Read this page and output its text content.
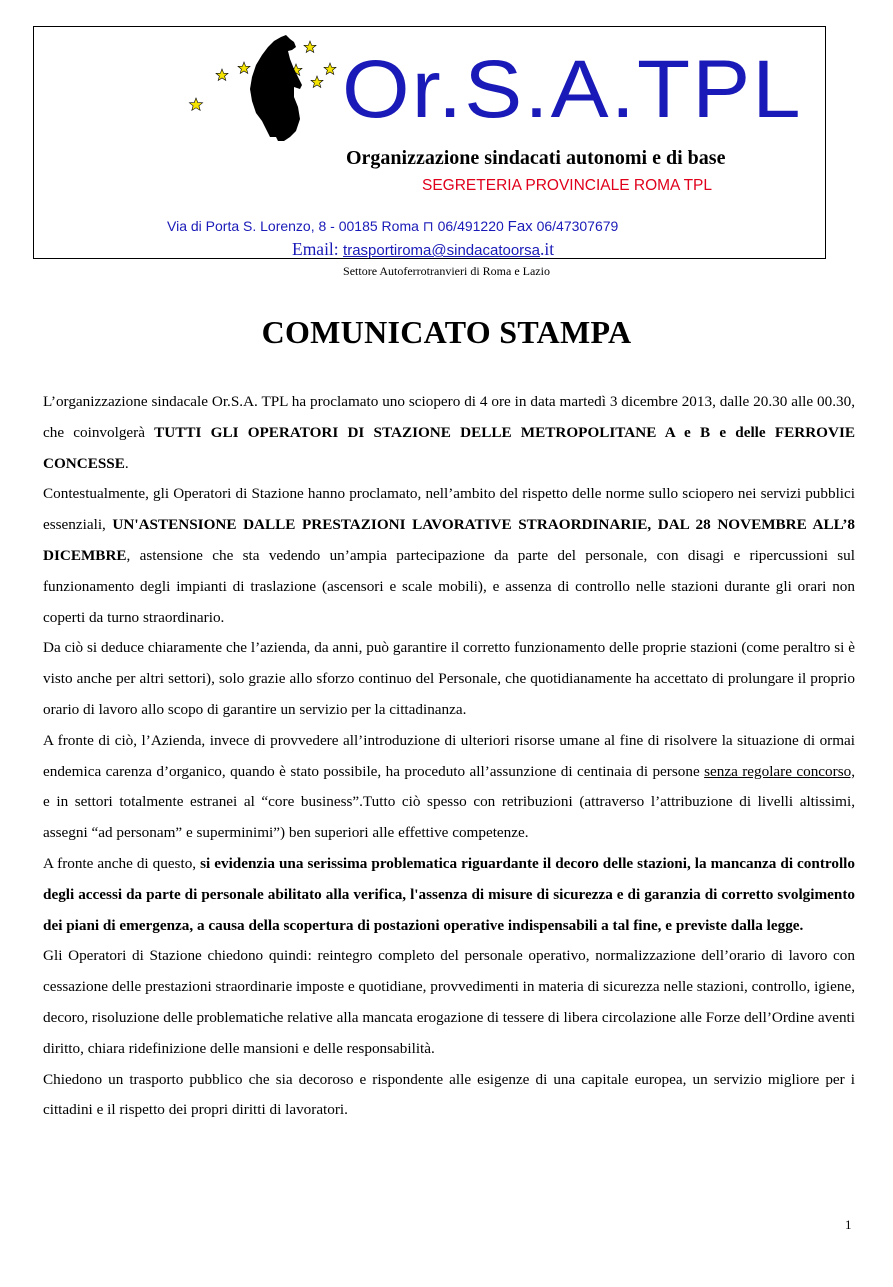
Or.S.A.TPL
Organizzazione sindacati autonomi e di base
SEGRETERIA PROVINCIALE ROMA TPL
Via di Porta S. Lorenzo, 8 - 00185 Roma ⊓ 06/491220 Fax 06/47307679
Email: trasportiroma@sindacatoorsa.it
Settore Autoferrotranvieri di Roma e Lazio
COMUNICATO STAMPA

L’organizzazione sindacale Or.S.A. TPL ha proclamato uno sciopero di 4 ore in data martedì 3 dicembre 2013, dalle 20.30 alle 00.30, che coinvolgerà TUTTI GLI OPERATORI DI STAZIONE DELLE METROPOLITANE A e B e delle FERROVIE CONCESSE.

Contestualmente, gli Operatori di Stazione hanno proclamato, nell’ambito del rispetto delle norme sullo sciopero nei servizi pubblici essenziali, UN'ASTENSIONE DALLE PRESTAZIONI LAVORATIVE STRAORDINARIE, DAL 28 NOVEMBRE ALL’8 DICEMBRE, astensione che sta vedendo un’ampia partecipazione da parte del personale, con disagi e ripercussioni sul funzionamento degli impianti di traslazione (ascensori e scale mobili), e assenza di controllo nelle stazioni durante gli orari non coperti da turno straordinario.

Da ciò si deduce chiaramente che l’azienda, da anni, può garantire il corretto funzionamento delle proprie stazioni (come peraltro si è visto anche per altri settori), solo grazie allo sforzo continuo del Personale, che quotidianamente ha accettato di prolungare il proprio orario di lavoro allo scopo di garantire un servizio per la cittadinanza.

A fronte di ciò, l’Azienda, invece di provvedere all’introduzione di ulteriori risorse umane al fine di risolvere la situazione di ormai endemica carenza d’organico, quando è stato possibile, ha proceduto all’assunzione di centinaia di persone senza regolare concorso, e in settori totalmente estranei al “core business”.Tutto ciò spesso con retribuzioni (attraverso l’attribuzione di livelli altissimi, assegni “ad personam” e superminimi”) ben superiori alle effettive competenze.

A fronte anche di questo, si evidenzia una serissima problematica riguardante il decoro delle stazioni, la mancanza di controllo degli accessi da parte di personale abilitato alla verifica, l'assenza di misure di sicurezza e di garanzia di corretto svolgimento dei piani di emergenza, a causa della scopertura di postazioni operative indispensabili a tal fine, e previste dalla legge.

Gli Operatori di Stazione chiedono quindi: reintegro completo del personale operativo, normalizzazione dell’orario di lavoro con cessazione delle prestazioni straordinarie imposte e quotidiane, provvedimenti in materia di sicurezza nelle stazioni, controllo, igiene, decoro, risoluzione delle problematiche relative alla mancata erogazione di tessere di libera circolazione alle Forze dell’Ordine aventi diritto, chiara ridefinizione delle mansioni e delle responsabilità.

Chiedono un trasporto pubblico che sia decoroso e rispondente alle esigenze di una capitale europea, un servizio migliore per i cittadini e il rispetto dei propri diritti di lavoratori.

1
